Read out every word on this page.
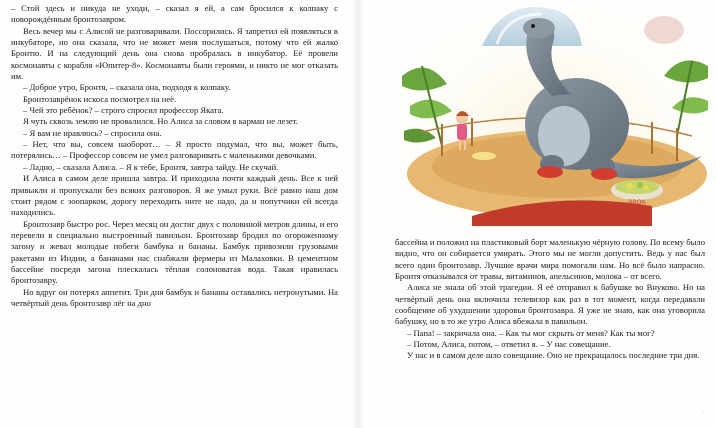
– Стой здесь и никуда не уходи, – сказал я ей, а сам бросился к колпаку с новорождённым бронтозавром.

Весь вечер мы с Алисой не разговаривали. Поссорились. Я запретил ей появляться в инкубаторе, но она сказала, что не может меня послушаться, потому что ей жалко Бронтю. И на следующий день она снова пробралась в инкубатор. Её провели космонавты с корабля «Юпитер-8». Космонавты были героями, и никто не мог отказать им.

– Доброе утро, Бронтя, – сказала она, подходя к колпаку.

Бронтозаврёнок искоса посмотрел на неё.

– Чей это ребёнок? – строго спросил профессор Яката.

Я чуть сквозь землю не провалился. Но Алиса за словом в карман не лезет.

– Я вам не нравлюсь? – спросила она.

– Нет, что вы, совсем наоборот… – Я просто подумал, что вы, может быть, потерялись… – Профессор совсем не умел разговаривать с маленькими девочками.

– Ладно, – сказала Алиса. – Я к тебе, Бронтя, завтра зайду. Не скучай.

И Алиса в самом деле пришла завтра. И приходила почти каждый день. Все к ней привыкли и пропускали без всяких разговоров. Я же умыл руки. Всё равно наш дом стоит рядом с зоопарком, дорогу переходить ните не надо, да и попутчики ей всегда находились.

Бронтозавр быстро рос. Через месяц он достиг двух с половиной метров длины, и его перевели в специально выстроенный павильон. Бронтозавр бродил по огороженному загону и жевал молодые побеги бамбука и бананы. Бамбук привозили грузовыми ракетами из Индии, а бананами нас снабжали фермеры из Малаховки. В цементном бассейне посреди загона плескалась тёплая солоноватая вода. Такая нравилась бронтозавру.

Но вдруг он потерял аппетит. Три дня бамбук и бананы оставались нетронутыми. На четвёртый день бронтозавр лёг на дно

BRON

бассейна и положил на пластиковый борт маленькую чёрную голову. По всему было видно, что он собирается умирать. Этого мы не могли допустить. Ведь у нас был всего один бронтозавр. Лучшие врачи мира помогали нам. Но всё было напрасно. Бронтя отказывался от травы, витаминов, апельсинов, молока – от всего.

Алиса не знала об этой трагедии. Я её отправил к бабушке во Внуково. Но на четвёртый день она включила телевизор как раз в тот момент, когда передавали сообщение об ухудшении здоровья бронтозавра. Я уже не знаю, как она уговорила бабушку, но в то же утро Алиса вбежала в павильон.

– Папа! – закричала она. – Как ты мог скрыть от меня? Как ты мог?

– Потом, Алиса, потом, – ответил я. – У нас совещание.

У нас и в самом деле шло совещание. Оно не прекращалось последние три дня.

·	·
